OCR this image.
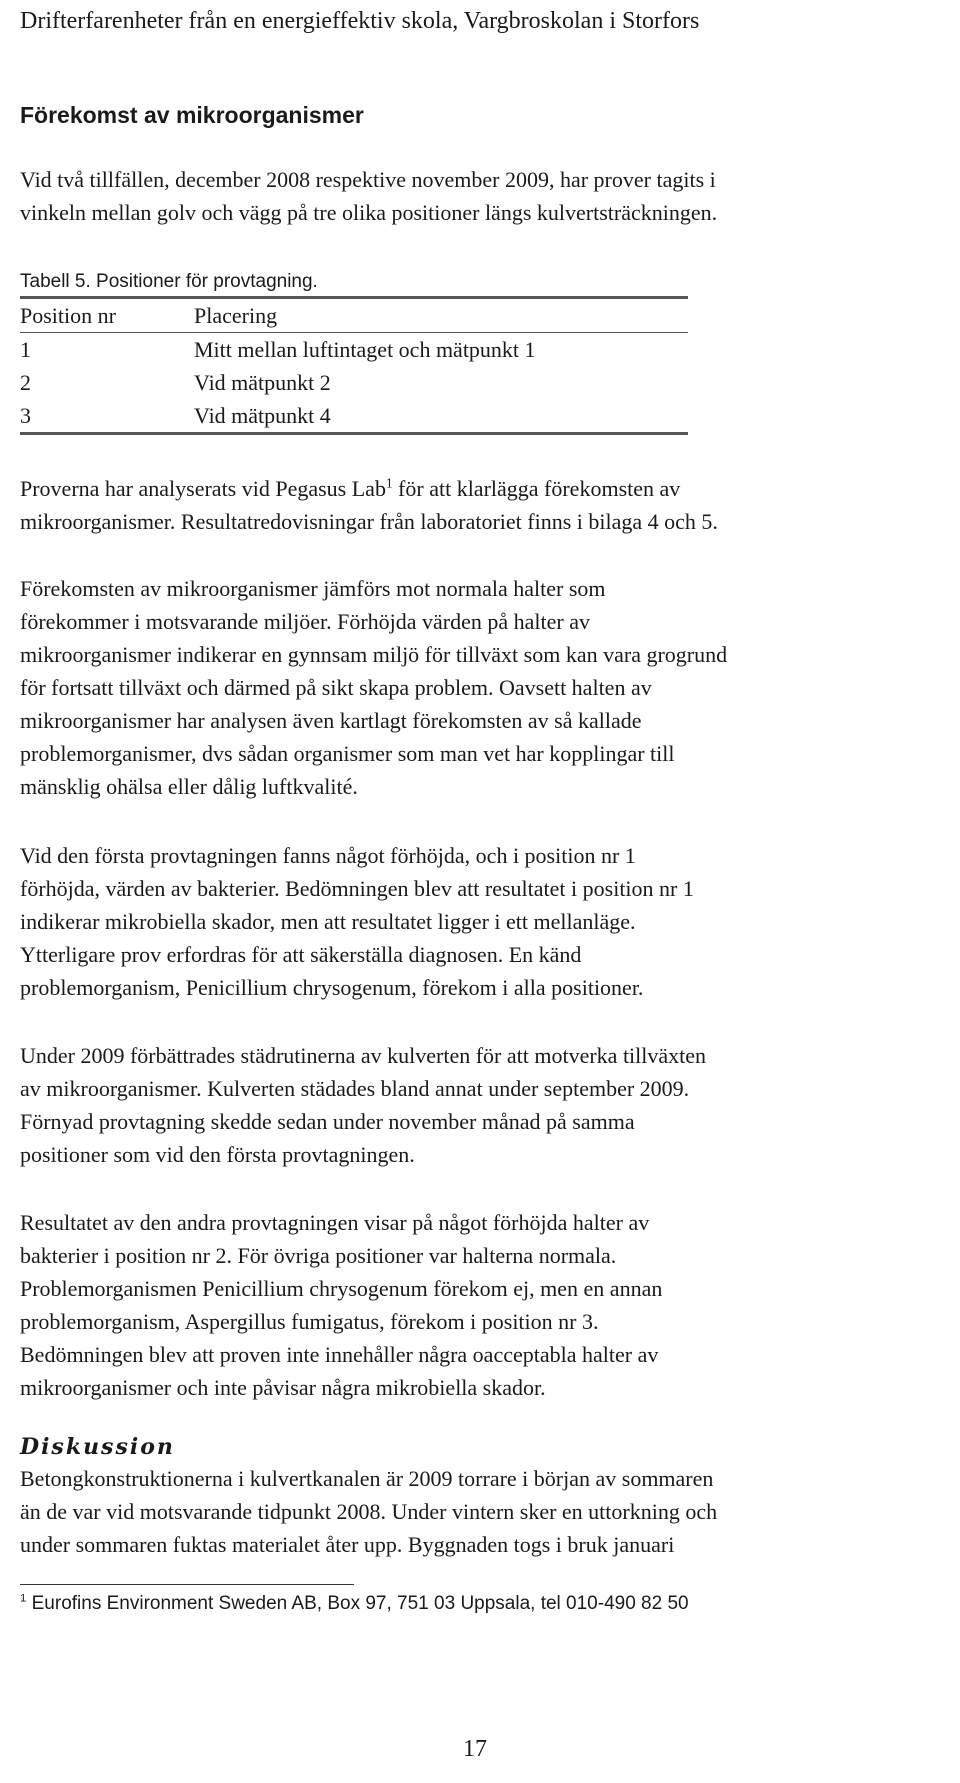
Drifterfarenheter från en energieffektiv skola, Vargbroskolan i Storfors
Förekomst av mikroorganismer
Vid två tillfällen, december 2008 respektive november 2009, har prover tagits i
vinkeln mellan golv och vägg på tre olika positioner längs kulvertsträckningen.
Tabell 5. Positioner för provtagning.
Position nr	Placering
1	Mitt mellan luftintaget och mätpunkt 1
2	Vid mätpunkt 2
3	Vid mätpunkt 4
Proverna har analyserats vid Pegasus Lab$^1$ för att klarlägga förekomsten av
mikroorganismer. Resultatredovisningar från laboratoriet finns i bilaga 4 och 5.
Förekomsten av mikroorganismer jämförs mot normala halter som
förekommer i motsvarande miljöer. Förhöjda värden på halter av
mikroorganismer indikerar en gynnsam miljö för tillväxt som kan vara grogrund
för fortsatt tillväxt och därmed på sikt skapa problem. Oavsett halten av
mikroorganismer har analysen även kartlagt förekomsten av så kallade
problemorganismer, dvs sådan organismer som man vet har kopplingar till
mänsklig ohälsa eller dålig luftkvalité.
Vid den första provtagningen fanns något förhöjda, och i position nr 1
förhöjda, värden av bakterier. Bedömningen blev att resultatet i position nr 1
indikerar mikrobiella skador, men att resultatet ligger i ett mellanläge.
Ytterligare prov erfordras för att säkerställa diagnosen. En känd
problemorganism, Penicillium chrysogenum, förekom i alla positioner.
Under 2009 förbättrades städrutinerna av kulverten för att motverka tillväxten
av mikroorganismer. Kulverten städades bland annat under september 2009.
Förnyad provtagning skedde sedan under november månad på samma
positioner som vid den första provtagningen.
Resultatet av den andra provtagningen visar på något förhöjda halter av
bakterier i position nr 2. För övriga positioner var halterna normala.
Problemorganismen Penicillium chrysogenum förekom ej, men en annan
problemorganism, Aspergillus fumigatus, förekom i position nr 3.
Bedömningen blev att proven inte innehåller några oacceptabla halter av
mikroorganismer och inte påvisar några mikrobiella skador.
Diskussion
Betongkonstruktionerna i kulvertkanalen är 2009 torrare i början av sommaren
än de var vid motsvarande tidpunkt 2008. Under vintern sker en uttorkning och
under sommaren fuktas materialet åter upp. Byggnaden togs i bruk januari
$^1$ Eurofins Environment Sweden AB, Box 97, 751 03 Uppsala, tel 010-490 82 50
17
